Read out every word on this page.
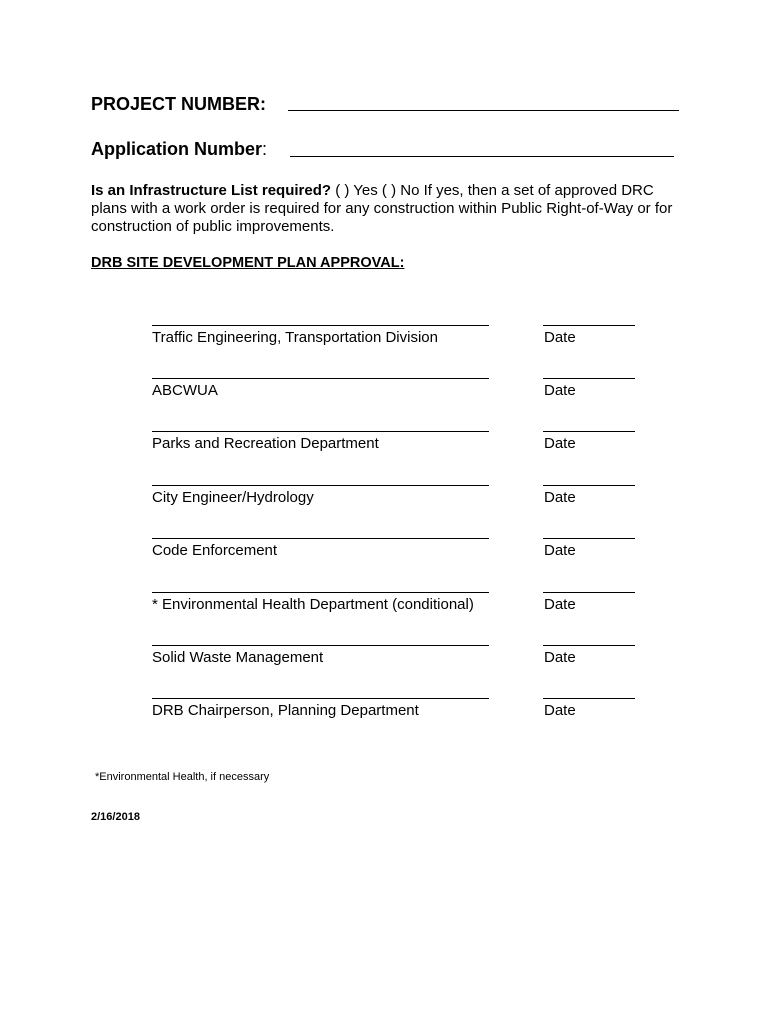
PROJECT NUMBER:
Application Number:
Is an Infrastructure List required? ( ) Yes ( ) No If yes, then a set of approved DRC plans with a work order is required for any construction within Public Right-of-Way or for construction of public improvements.
DRB SITE DEVELOPMENT PLAN APPROVAL:
Traffic Engineering, Transportation Division	Date
ABCWUA	Date
Parks and Recreation Department	Date
City Engineer/Hydrology	Date
Code Enforcement	Date
* Environmental Health Department (conditional)	Date
Solid Waste Management	Date
DRB Chairperson, Planning Department	Date
*Environmental Health, if necessary
2/16/2018
